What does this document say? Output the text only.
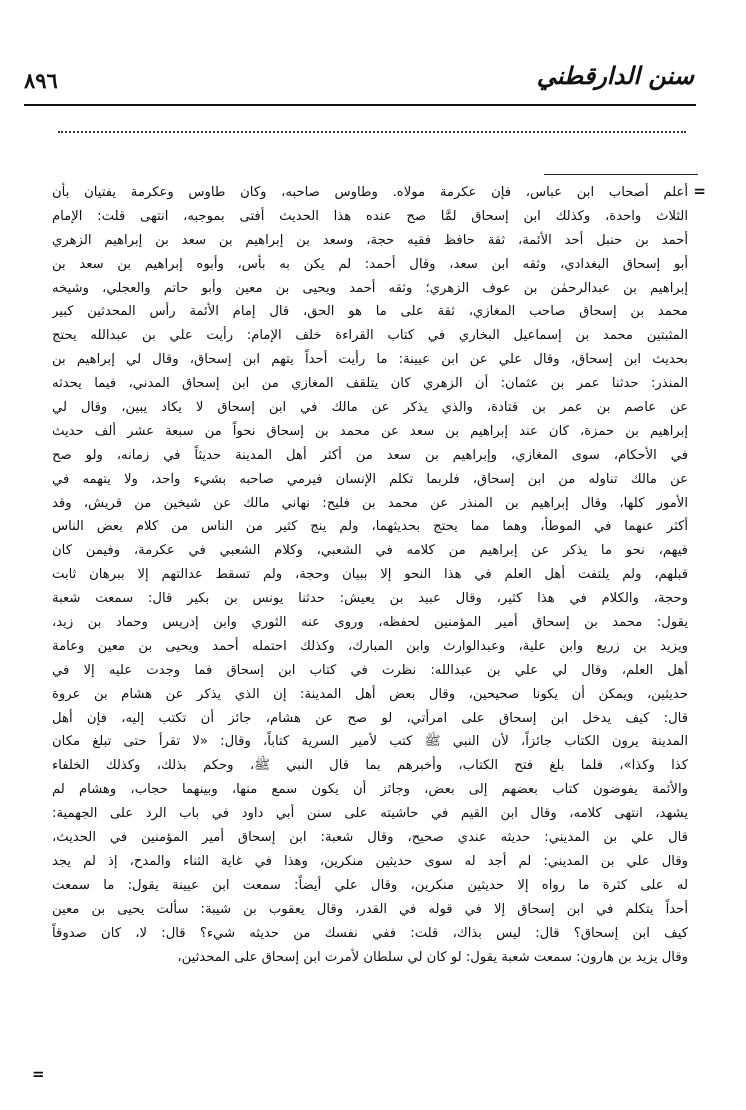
٨٩٦	سنن الدارقطني
=
أعلم أصحاب ابن عباس، فإن عكرمة مولاه. وطاوس صاحبه، وكان طاوس وعكرمة يفتيان بأن
الثلاث واحدة، وكذلك ابن إسحاق لمَّا صح عنده هذا الحديث أفتى بموجبه، انتهى قلت: الإمام
أحمد بن حنبل أحد الأئمة، ثقة حافظ فقيه حجة، وسعد بن إبراهيم بن سعد بن إبراهيم الزهري
أبو إسحاق البغدادي، وثقه ابن سعد، وقال أحمد: لم يكن به بأس، وأبوه إبراهيم بن سعد بن
إبراهيم بن عبدالرحمٰن بن عوف الزهري؛ وثقه أحمد ويحيى بن معين وأبو حاتم والعجلي، وشيخه
محمد بن إسحاق صاحب المغازي، ثقة على ما هو الحق، قال إمام الأئمة رأس المحدثين كبير
المثبتين محمد بن إسماعيل البخاري في كتاب القراءة خلف الإمام: رأيت علي بن عبدالله يحتج
بحديث ابن إسحاق، وقال علي عن ابن عيينة: ما رأيت أحداً يتهم ابن إسحاق، وقال لي إبراهيم بن
المنذر: حدثنا عمر بن عثمان: أن الزهري كان يتلقف المغازي من ابن إسحاق المدني، فيما يحدثه
عن عاصم بن عمر بن قتادة، والذي يذكر عن مالك في ابن إسحاق لا يكاد يبين، وقال لي
إبراهيم بن حمزة، كان عند إبراهيم بن سعد عن محمد بن إسحاق نحواً من سبعة عشر ألف حديث
في الأحكام، سوى المغازي، وإبراهيم بن سعد من أكثر أهل المدينة حديثاً في زمانه، ولو صح
عن مالك تناوله من ابن إسحاق، فلربما تكلم الإنسان فيرمي صاحبه بشيء واحد، ولا يتهمه في
الأمور كلها، وقال إبراهيم بن المنذر عن محمد بن فليح: نهاني مالك عن شيخين من قريش، وقد
أكثر عنهما في الموطأ، وهما مما يحتج بحديثهما، ولم ينج كثير من الناس من كلام بعض الناس
فيهم، نحو ما يذكر عن إبراهيم من كلامه في الشعبي، وكلام الشعبي في عكرمة، وفيمن كان
قبلهم، ولم يلتفت أهل العلم في هذا النحو إلا ببيان وحجة، ولم تسقط عدالتهم إلا ببرهان ثابت
وحجة، والكلام في هذا كثير، وقال عبيد بن يعيش: حدثنا يونس بن بكير قال: سمعت شعبة
يقول: محمد بن إسحاق أمير المؤمنين لحفظه، وروى عنه الثوري وابن إدريس وحماد بن زيد،
ويزيد بن زريع وابن علية، وعبدالوارث وابن المبارك، وكذلك احتمله أحمد ويحيى بن معين وعامة
أهل العلم، وقال لي علي بن عبدالله: نظرت في كتاب ابن إسحاق فما وجدت عليه إلا في
حديثين، ويمكن أن يكونا صحيحين، وقال بعض أهل المدينة: إن الذي يذكر عن هشام بن عروة
قال: كيف يدخل ابن إسحاق على امرأتي، لو صح عن هشام، جائز أن تكتب إليه، فإن أهل
المدينة يرون الكتاب جائزاً، لأن النبي ﷺ كتب لأمير السرية كتاباً، وقال: «لا تقرأ حتى تبلغ مكان
كذا وكذا»، فلما بلغ فتح الكتاب، وأخبرهم بما قال النبي ﷺ، وحكم بذلك، وكذلك الخلفاء
والأئمة يفوضون كتاب بعضهم إلى بعض، وجائز أن يكون سمع منها، وبينهما حجاب، وهشام لم
يشهد، انتهى كلامه، وقال ابن القيم في حاشيته على سنن أبي داود في باب الرد على الجهمية:
قال علي بن المديني: حديثه عندي صحيح، وقال شعبة: ابن إسحاق أمير المؤمنين في الحديث،
وقال علي بن المديني: لم أجد له سوى حديثين منكرين، وهذا في غاية الثناء والمدح، إذ لم يجد
له على كثرة ما رواه إلا حديثين منكرين، وقال علي أيضاً: سمعت ابن عيينة يقول: ما سمعت
أحداً يتكلم في ابن إسحاق إلا في قوله في القدر، وقال يعقوب بن شيبة: سألت يحيى بن معين
كيف ابن إسحاق؟ قال: ليس بذاك، قلت: ففي نفسك من حديثه شيء؟ قال: لا، كان صدوقاً
وقال يزيد بن هارون: سمعت شعبة يقول: لو كان لي سلطان لأمرت ابن إسحاق على المحدثين،
=
